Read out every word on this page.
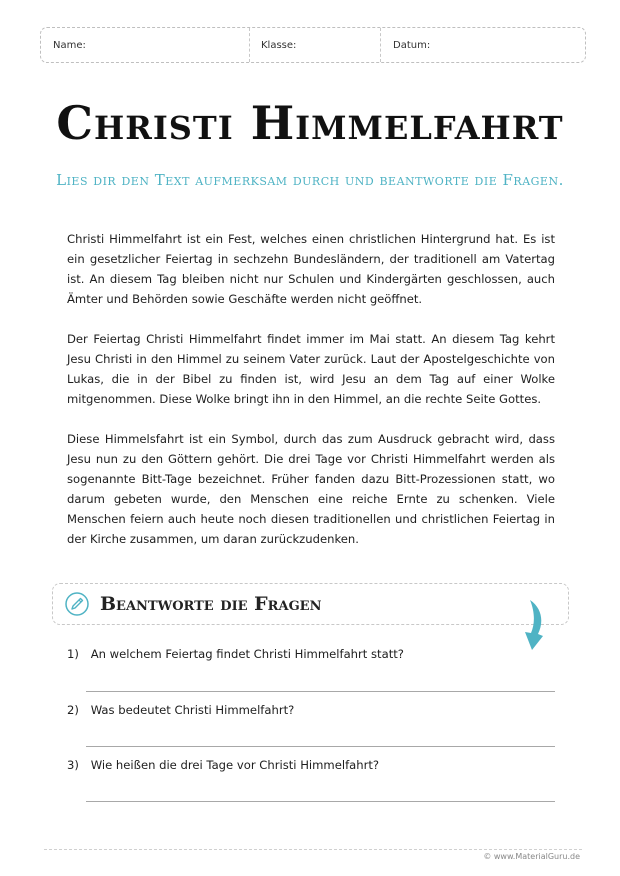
Name:	Klasse:	Datum:
Christi Himmelfahrt
Lies dir den Text aufmerksam durch und beantworte die Fragen.

Christi Himmelfahrt ist ein Fest, welches einen christlichen Hintergrund hat. Es ist ein gesetzlicher Feiertag in sechzehn Bundesländern, der traditionell am Vatertag ist. An diesem Tag bleiben nicht nur Schulen und Kindergärten geschlossen, auch Ämter und Behörden sowie Geschäfte werden nicht geöffnet.

Der Feiertag Christi Himmelfahrt findet immer im Mai statt. An diesem Tag kehrt Jesu Christi in den Himmel zu seinem Vater zurück. Laut der Apostelgeschichte von Lukas, die in der Bibel zu finden ist, wird Jesu an dem Tag auf einer Wolke mitgenommen. Diese Wolke bringt ihn in den Himmel, an die rechte Seite Gottes.

Diese Himmelsfahrt ist ein Symbol, durch das zum Ausdruck gebracht wird, dass Jesu nun zu den Göttern gehört. Die drei Tage vor Christi Himmelfahrt werden als sogenannte Bitt-Tage bezeichnet. Früher fanden dazu Bitt-Prozessionen statt, wo darum gebeten wurde, den Menschen eine reiche Ernte zu schenken. Viele Menschen feiern auch heute noch diesen traditionellen und christlichen Feiertag in der Kirche zusammen, um daran zurückzudenken.

Beantworte die Fragen
1) An welchem Feiertag findet Christi Himmelfahrt statt?
2) Was bedeutet Christi Himmelfahrt?
3) Wie heißen die drei Tage vor Christi Himmelfahrt?
© www.MaterialGuru.de
